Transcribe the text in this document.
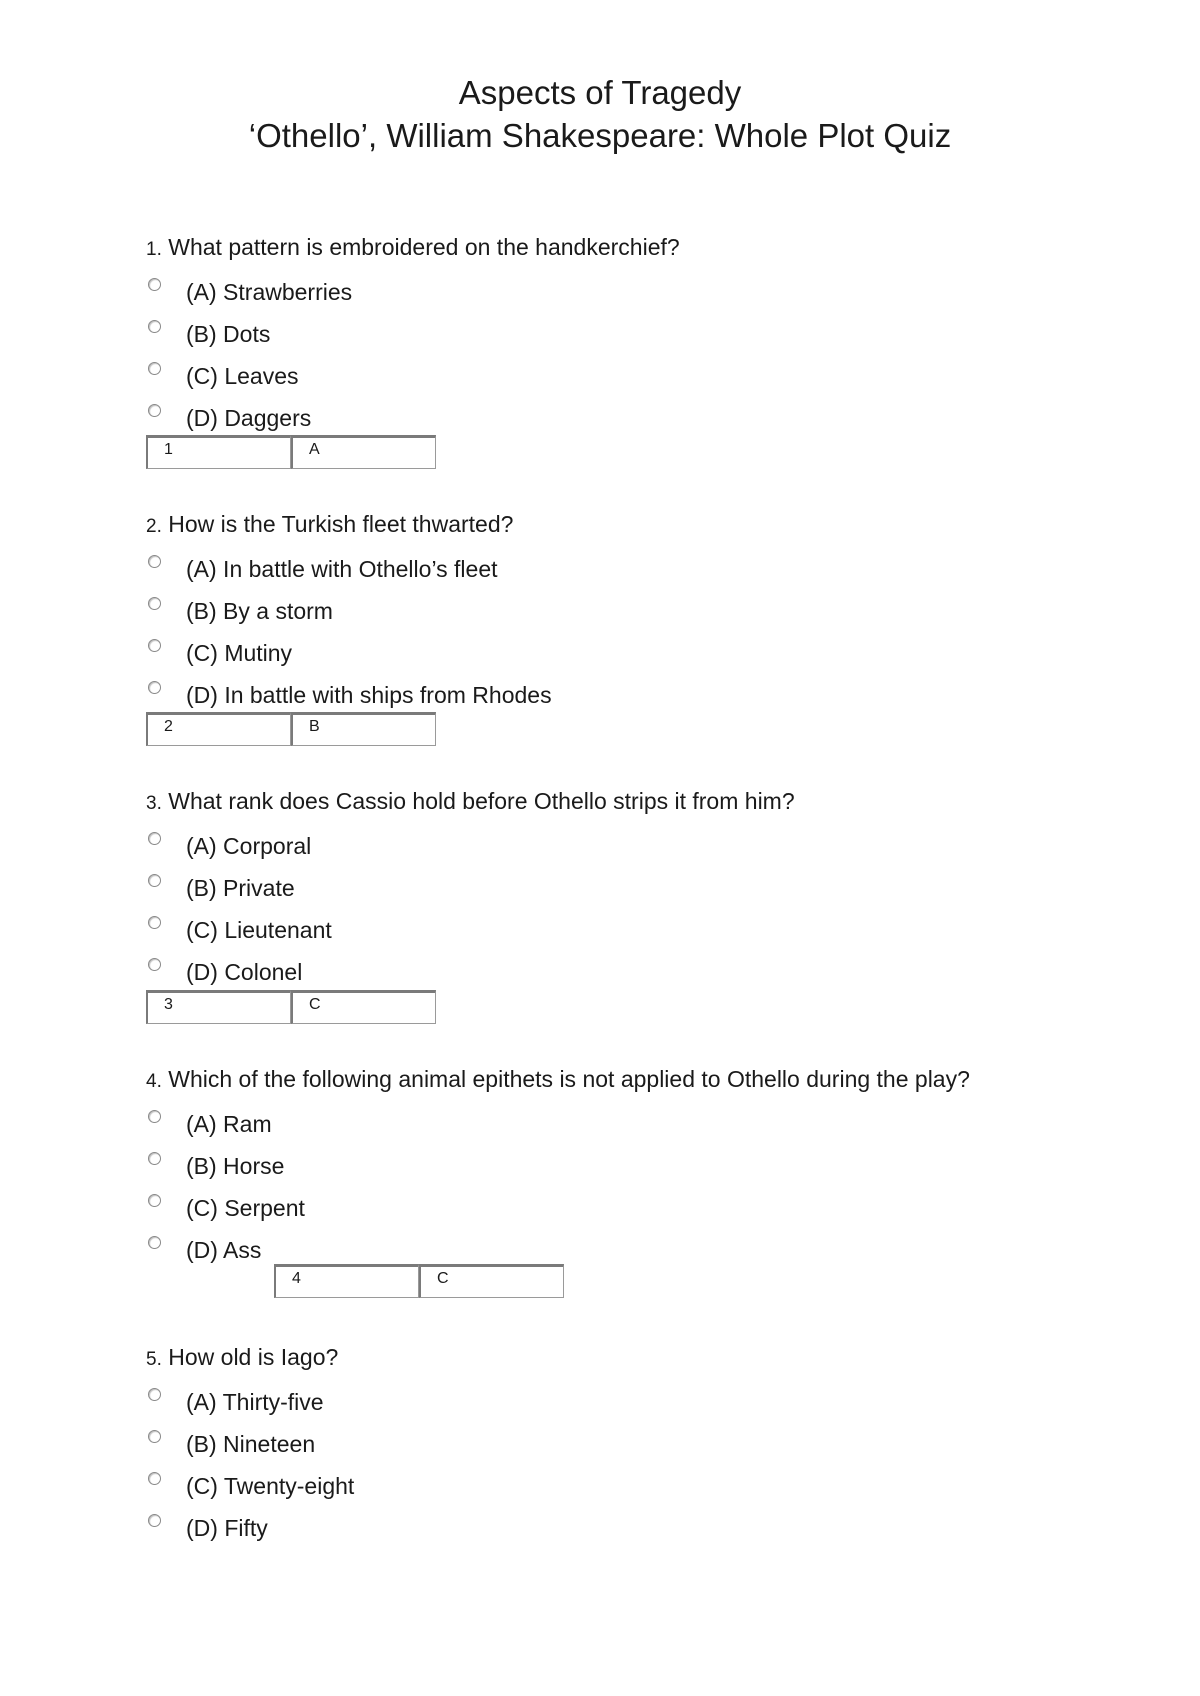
Aspects of Tragedy
‘Othello’, William Shakespeare: Whole Plot Quiz
1. What pattern is embroidered on the handkerchief?
(A) Strawberries
(B) Dots
(C) Leaves
(D) Daggers
1	A
2. How is the Turkish fleet thwarted?
(A) In battle with Othello’s fleet
(B) By a storm
(C) Mutiny
(D) In battle with ships from Rhodes
2	B
3. What rank does Cassio hold before Othello strips it from him?
(A) Corporal
(B) Private
(C) Lieutenant
(D) Colonel
3	C
4. Which of the following animal epithets is not applied to Othello during the play?
(A) Ram
(B) Horse
(C) Serpent
(D) Ass
4	C
5. How old is Iago?
(A) Thirty-five
(B) Nineteen
(C) Twenty-eight
(D) Fifty
